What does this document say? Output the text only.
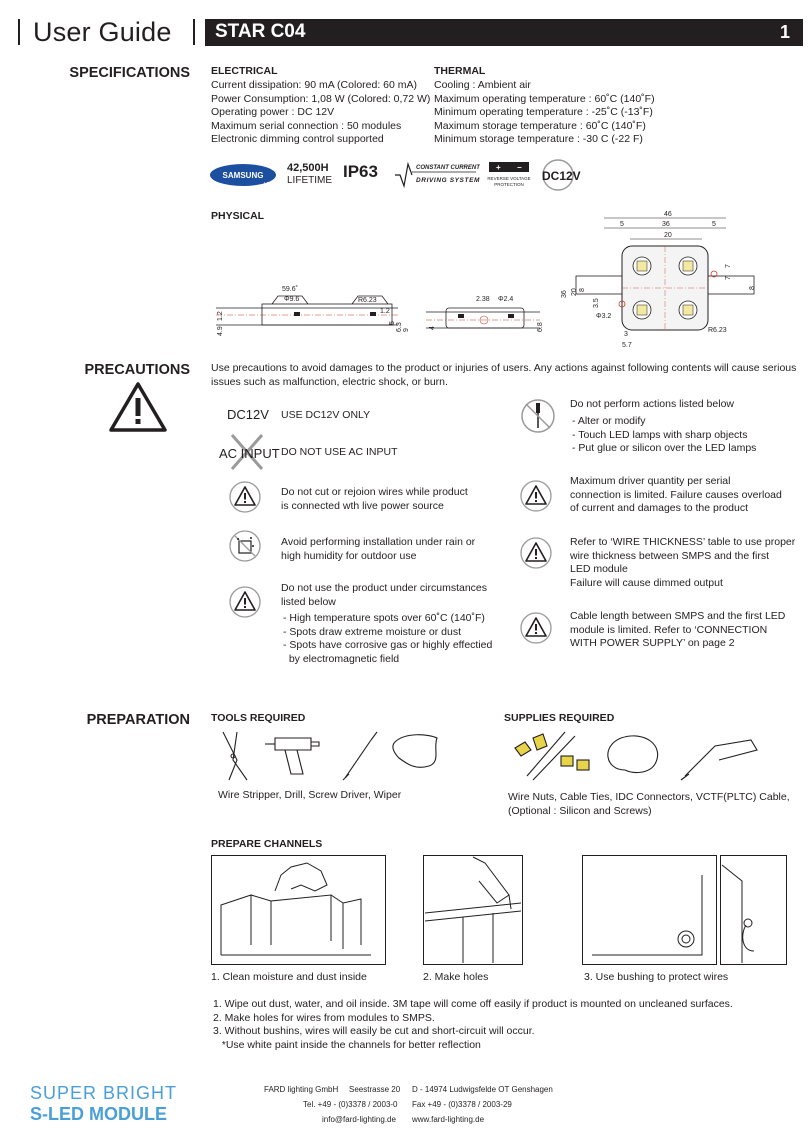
User Guide STAR C04	1
SPECIFICATIONS ELECTRICAL
Current dissipation: 90 mA (Colored: 60 mA)
Power Consumption: 1,08 W (Colored: 0,72 W)
Operating power : DC 12V
Maximum serial connection : 50 modules
Electronic dimming control supported
THERMAL
Cooling : Ambient air
Maximum operating temperature : 60˚C (140˚F)
Minimum operating temperature : -25˚C (-13˚F)
Maximum storage temperature : 60˚C (140˚F)
Minimum storage temperature : -30 C (-22 F)
SAMSUNG
LED
42,500H
LIFETIME IP63	CONSTANT CURRENT
DRIVING SYSTEM
+ −
REVERSE VOLTAGE
PROTECTION
DC12V
PHYSICAL
59.6˚
Φ9.6	R6.23
1.2
1.2
4.9
5 6.3 9
2.38 Φ2.4
4	6.8
46
5	36	5
20
36 20 8
3.5
7
7
8
Φ3.2
3
5.7
R6.23
PRECAUTIONS Use precautions to avoid damages to the product or injuries of users. Any actions against following contents will cause serious
issues such as malfunction, electric shock, or burn.
DC12V USE DC12V ONLY
AC INPUT DO NOT USE AC INPUT
Do not cut or rejoion wires while product
is connected wth live power source
Avoid performing installation under rain or
high humidity for outdoor use
Do not use the product under circumstances
listed below
- High temperature spots over 60˚C (140˚F)
- Spots draw extreme moisture or dust
- Spots have corrosive gas or highly effectied
by electromagnetic field
Do not perform actions listed below
- Alter or modify
- Touch LED lamps with sharp objects
- Put glue or silicon over the LED lamps
Maximum driver quantity per serial
connection is limited. Failure causes overload
of current and damages to the product
Refer to ‘WIRE THICKNESS’ table to use proper
wire thickness between SMPS and the first
LED module
Failure will cause dimmed output
Cable length between SMPS and the first LED
module is limited. Refer to ‘CONNECTION
WITH POWER SUPPLY’ on page 2
PREPARATION TOOLS REQUIRED
Wire Stripper, Drill, Screw Driver, Wiper
SUPPLIES REQUIRED
Wire Nuts, Cable Ties, IDC Connectors, VCTF(PLTC) Cable,
(Optional : Silicon and Screws)
PREPARE CHANNELS
1. Clean moisture and dust inside	2. Make holes	3. Use bushing to protect wires
1. Wipe out dust, water, and oil inside. 3M tape will come off easily if product is mounted on uncleaned surfaces.
2. Make holes for wires from modules to SMPS.
3. Without bushins, wires will easily be cut and short-circuit will occur.
*Use white paint inside the channels for better reflection
SUPER BRIGHT
S-LED MODULE
FARD lighting GmbH Seestrasse 20 D - 14974 Ludwigsfelde OT Genshagen
Tel. +49 - (0)3378 / 2003-0 Fax +49 - (0)3378 / 2003-29
info@fard-lighting.de www.fard-lighting.de
